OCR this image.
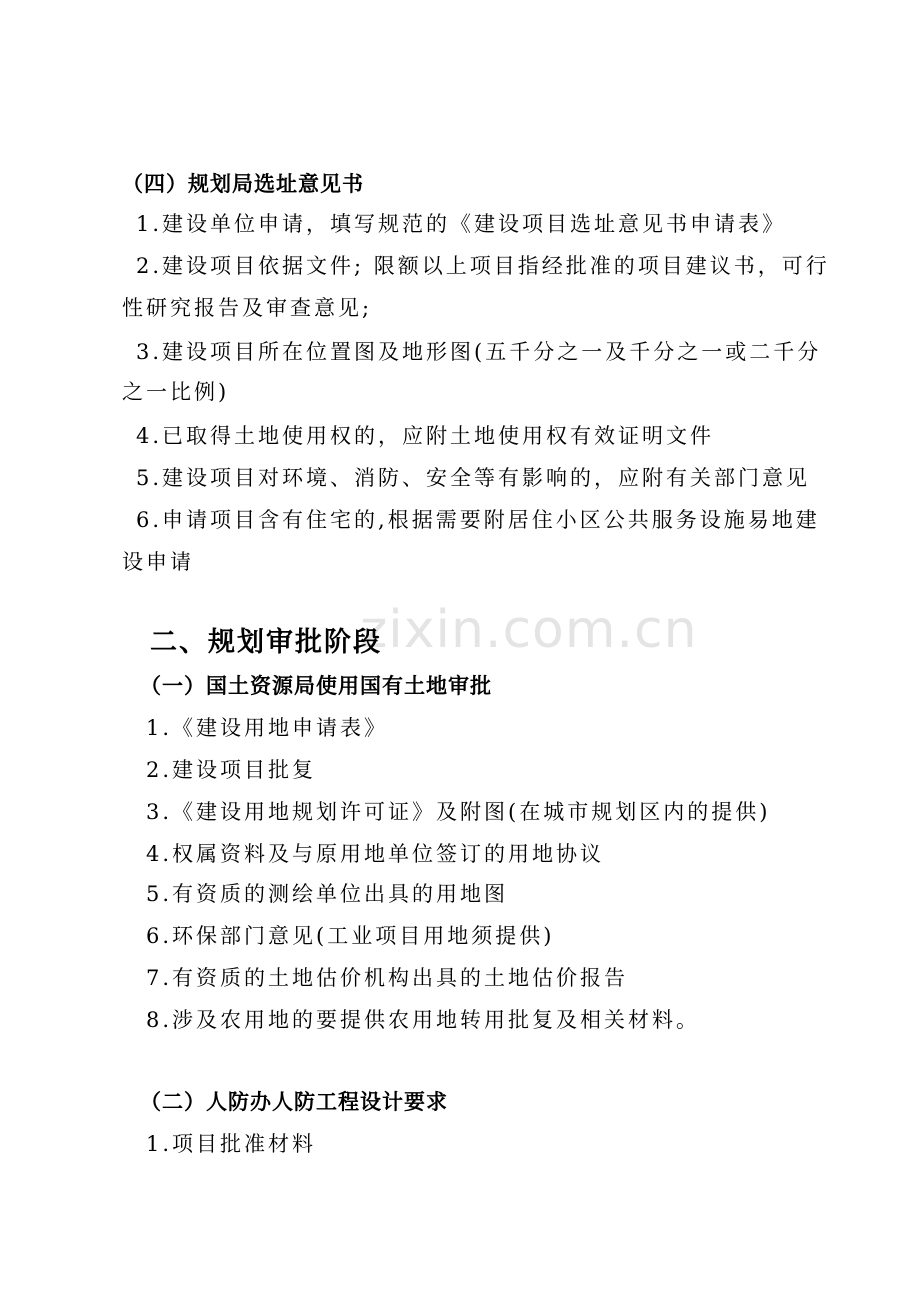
zixin.com.cn
（四）规划局选址意见书
1.建设单位申请，填写规范的《建设项目选址意见书申请表》
2.建设项目依据文件; 限额以上项目指经批准的项目建议书，可行
性研究报告及审查意见;
3.建设项目所在位置图及地形图(五千分之一及千分之一或二千分
之一比例)
4.已取得土地使用权的，应附土地使用权有效证明文件
5.建设项目对环境、消防、安全等有影响的，应附有关部门意见
6.申请项目含有住宅的,根据需要附居住小区公共服务设施易地建
设申请
二、规划审批阶段
（一）国土资源局使用国有土地审批
1.《建设用地申请表》
2.建设项目批复
3.《建设用地规划许可证》及附图(在城市规划区内的提供)
4.权属资料及与原用地单位签订的用地协议
5.有资质的测绘单位出具的用地图
6.环保部门意见(工业项目用地须提供)
7.有资质的土地估价机构出具的土地估价报告
8.涉及农用地的要提供农用地转用批复及相关材料。
（二）人防办人防工程设计要求
1.项目批准材料
